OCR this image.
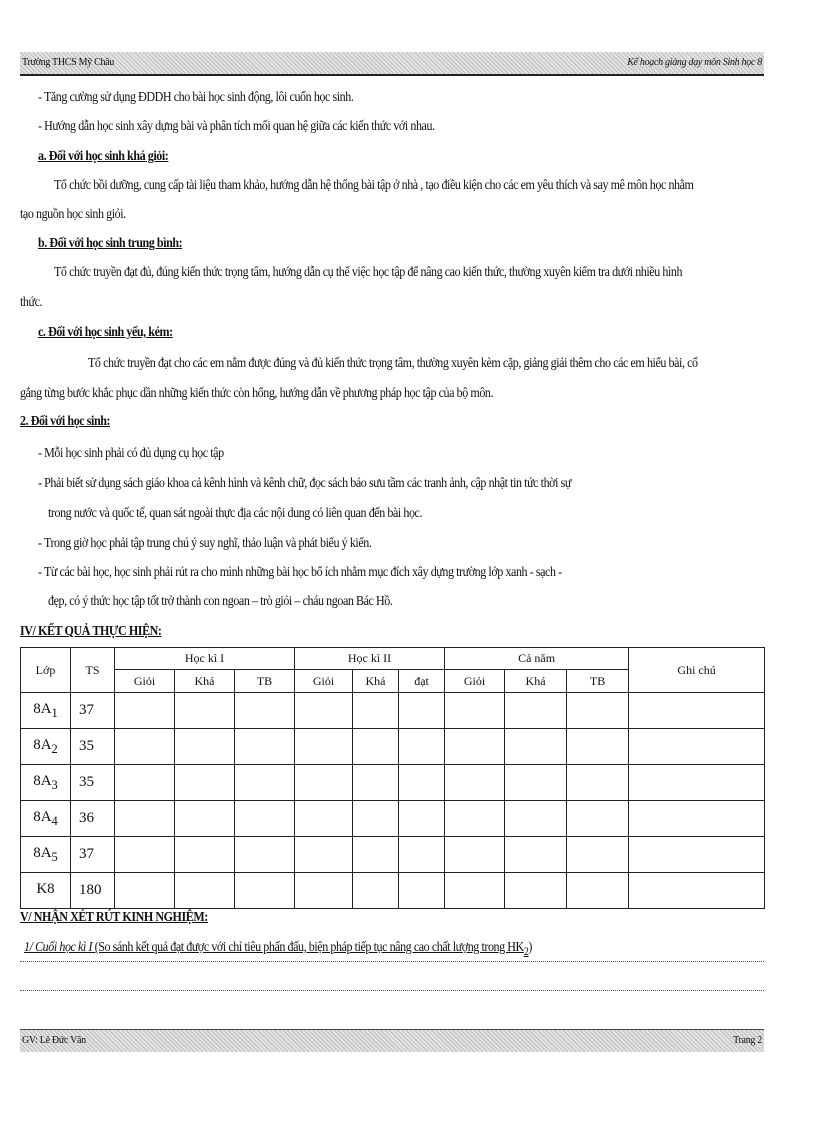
Trường THCS Mỹ Châu	Kế hoạch giảng dạy môn Sinh học 8
- Tăng cường sử dụng ĐDDH cho bài học sinh động, lôi cuốn học sinh.
- Hướng dẫn học sinh xây dựng bài và phân tích mối quan hệ giữa các kiến thức với nhau.
a. Đối với học sinh khá giỏi:
Tổ chức bồi dưỡng, cung cấp tài liệu tham khảo, hướng dẫn hệ thống bài tập ở nhà , tạo điều kiện cho các em yêu thích và say mê môn học nhằm
tạo nguồn học sinh giỏi.
b. Đối với học sinh trung bình:
Tổ chức truyền đạt đủ, đúng kiến thức trọng tâm, hướng dẫn cụ thể việc học tập để nâng cao kiến thức, thường xuyên kiểm tra dưới nhiều hình
thức.
c. Đối với học sinh yếu, kém:
Tổ chức truyền đạt cho các em nắm được đúng và đủ kiến thức trọng tâm, thường xuyên kèm cặp, giảng giải thêm cho các em hiểu bài, cố
gắng từng bước khắc phục dần những kiến thức còn hổng, hướng dẫn về phương pháp học tập của bộ môn.
2. Đối với học sinh:
- Mỗi học sinh phải có đủ dụng cụ học tập
- Phải biết sử dụng sách giáo khoa cả kênh hình và kênh chữ, đọc sách báo sưu tầm các tranh ảnh, cập nhật tin tức thời sự
trong nước và quốc tế, quan sát ngoài thực địa các nội dung có liên quan đến bài học.
- Trong giờ học phải tập trung chú ý suy nghĩ, thảo luận và phát biểu ý kiến.
- Từ các bài học, học sinh phải rút ra cho mình những bài học bổ ích nhằm mục đích xây dựng trường lớp xanh - sạch -
đẹp, có ý thức học tập tốt trở thành con ngoan – trò giỏi – cháu ngoan Bác Hồ.
IV/ KẾT QUẢ THỰC HIỆN:
Lớp	TS	Học kì I			Học kì II			Cả năm			Ghi chú
		Giỏi	Khá	TB	Giỏi	Khá	đạt	Giỏi	Khá	TB	
$8A_1$	37										
$8A_2$	35										
$8A_3$	35										
$8A_4$	36										
$8A_5$	37										
K8	180										
V/ NHẬN XÉT RÚT KINH NGHIỆM:
1/ Cuối học kì I (So sánh kết quả đạt được với chỉ tiêu phấn đấu, biện pháp tiếp tục nâng cao chất lượng trong $HK_2$)
GV: Lê Đức Vân	Trang 2
